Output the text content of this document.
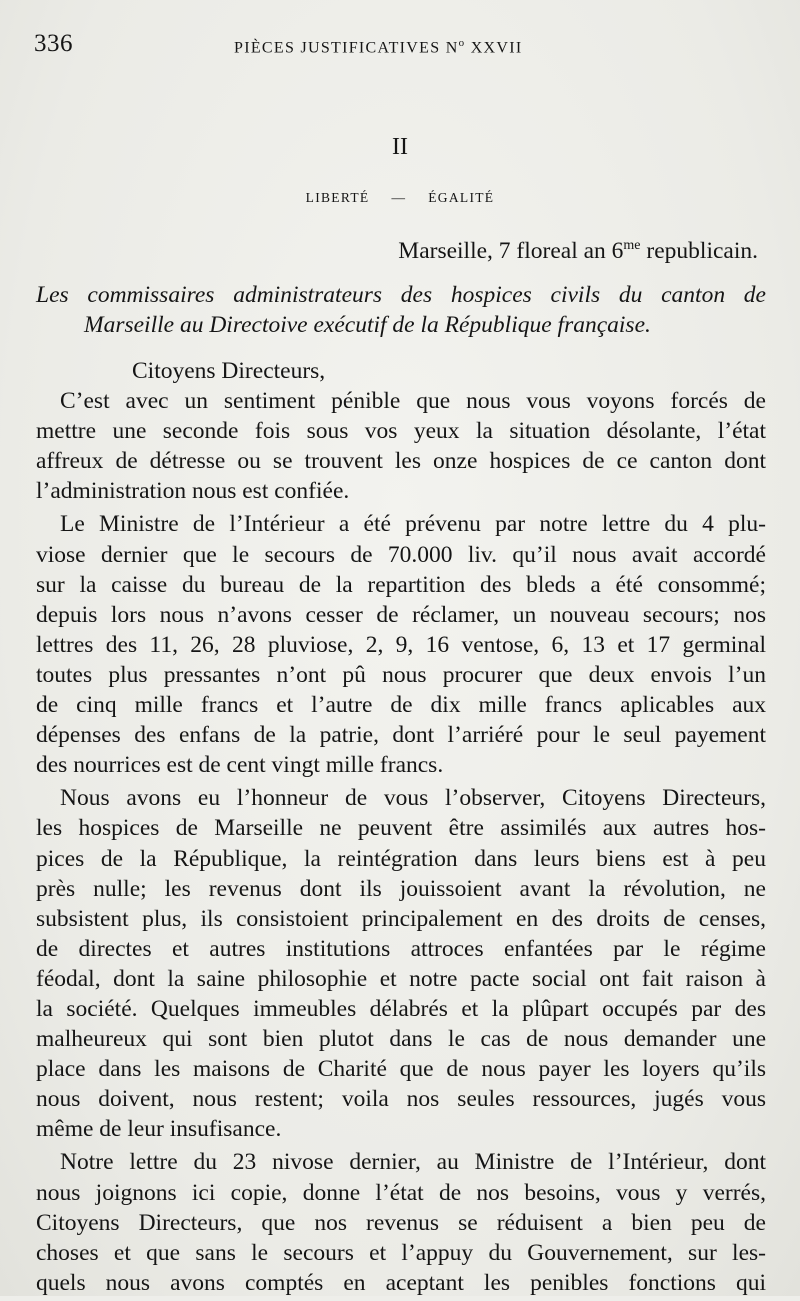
336	PIÈCES JUSTIFICATIVES $N^o$ XXVII
II
LIBERTÉ — ÉGALITÉ
Marseille, 7 floreal an $6^{me}$ republicain.
Les commissaires administrateurs des hospices civils du canton de
Marseille au Directoive exécutif de la République française.
Citoyens Directeurs,
C’est avec un sentiment pénible que nous vous voyons forcés de
mettre une seconde fois sous vos yeux la situation désolante, l’état
affreux de détresse ou se trouvent les onze hospices de ce canton dont
l’administration nous est confiée.
Le Ministre de l’Intérieur a été prévenu par notre lettre du 4 plu-
viose dernier que le secours de 70.000 liv. qu’il nous avait accordé
sur la caisse du bureau de la repartition des bleds a été consommé;
depuis lors nous n’avons cesser de réclamer, un nouveau secours; nos
lettres des 11, 26, 28 pluviose, 2, 9, 16 ventose, 6, 13 et 17 germinal
toutes plus pressantes n’ont pû nous procurer que deux envois l’un
de cinq mille francs et l’autre de dix mille francs aplicables aux
dépenses des enfans de la patrie, dont l’arriéré pour le seul payement
des nourrices est de cent vingt mille francs.
Nous avons eu l’honneur de vous l’observer, Citoyens Directeurs,
les hospices de Marseille ne peuvent être assimilés aux autres hos-
pices de la République, la reintégration dans leurs biens est à peu
près nulle; les revenus dont ils jouissoient avant la révolution, ne
subsistent plus, ils consistoient principalement en des droits de censes,
de directes et autres institutions attroces enfantées par le régime
féodal, dont la saine philosophie et notre pacte social ont fait raison à
la société. Quelques immeubles délabrés et la plûpart occupés par des
malheureux qui sont bien plutot dans le cas de nous demander une
place dans les maisons de Charité que de nous payer les loyers qu’ils
nous doivent, nous restent; voila nos seules ressources, jugés vous
même de leur insufisance.
Notre lettre du 23 nivose dernier, au Ministre de l’Intérieur, dont
nous joignons ici copie, donne l’état de nos besoins, vous y verrés,
Citoyens Directeurs, que nos revenus se réduisent a bien peu de
choses et que sans le secours et l’appuy du Gouvernement, sur les-
quels nous avons comptés en aceptant les penibles fonctions qui
